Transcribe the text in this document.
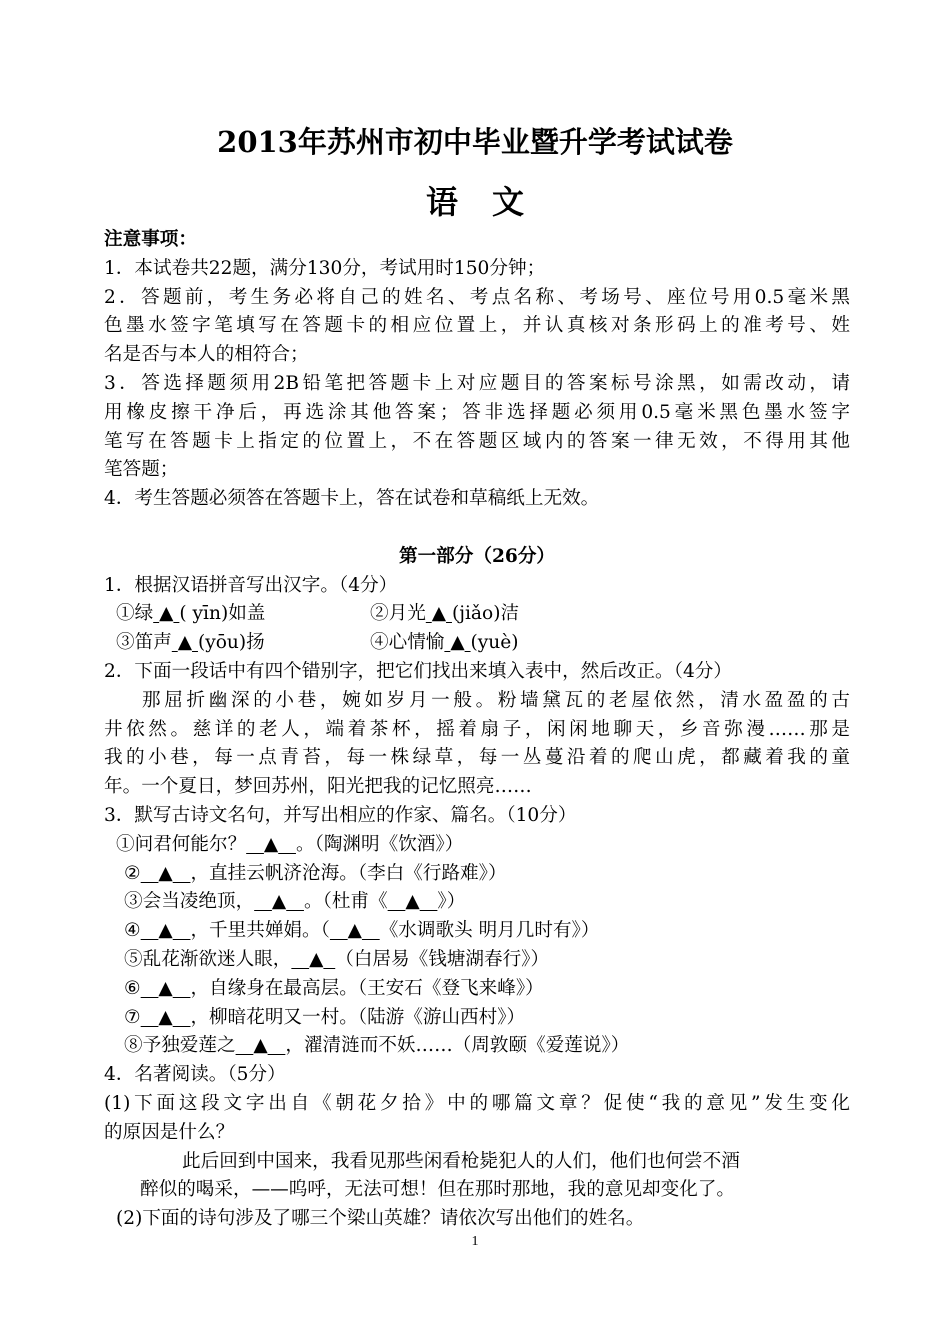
2013年苏州市初中毕业暨升学考试试卷
语文
注意事项：
1．本试卷共22题，满分130分，考试用时150分钟；
2．答题前，考生务必将自己的姓名、考点名称、考场号、座位号用0.5毫米黑
色墨水签字笔填写在答题卡的相应位置上，并认真核对条形码上的准考号、姓
名是否与本人的相符合；
3．答选择题须用2B铅笔把答题卡上对应题目的答案标号涂黑，如需改动，请
用橡皮擦干净后，再选涂其他答案；答非选择题必须用0.5毫米黑色墨水签字
笔写在答题卡上指定的位置上，不在答题区域内的答案一律无效，不得用其他
笔答题；
4．考生答题必须答在答题卡上，答在试卷和草稿纸上无效。
第一部分（26分）
1．根据汉语拼音写出汉字。（4分）
①绿 ▲ ( yīn)如盖	②月光 ▲ (jiǎo)洁
③笛声 ▲ (yōu)扬	④心情愉 ▲ (yuè)
2．下面一段话中有四个错别字，把它们找出来填入表中，然后改正。（4分）
那屈折幽深的小巷，婉如岁月一般。粉墙黛瓦的老屋依然，清水盈盈的古
井依然。慈详的老人，端着茶杯，摇着扇子，闲闲地聊天，乡音弥漫……那是
我的小巷，每一点青苔，每一株绿草，每一丛蔓沿着的爬山虎，都藏着我的童
年。一个夏日，梦回苏州，阳光把我的记忆照亮……
3．默写古诗文名句，并写出相应的作家、篇名。（10分）
①问君何能尔？ ▲ 。（陶渊明《饮酒》）
② ▲ ，直挂云帆济沧海。（李白《行路难》）
③会当凌绝顶， ▲ 。（杜甫《 ▲ 》）
④ ▲ ，千里共婵娟。（ ▲ 《水调歌头 明月几时有》）
⑤乱花渐欲迷人眼， ▲ （白居易《钱塘湖春行》）
⑥ ▲ ，自缘身在最高层。（王安石《登飞来峰》）
⑦ ▲ ，柳暗花明又一村。（陆游《游山西村》）
⑧予独爱莲之 ▲ ，濯清涟而不妖……（周敦颐《爱莲说》）
4．名著阅读。（5分）
(1)下面这段文字出自《朝花夕拾》中的哪篇文章？促使“我的意见”发生变化
的原因是什么？
此后回到中国来，我看见那些闲看枪毙犯人的人们，他们也何尝不酒
醉似的喝采，——呜呼，无法可想！但在那时那地，我的意见却变化了。
(2)下面的诗句涉及了哪三个梁山英雄？请依次写出他们的姓名。
1
